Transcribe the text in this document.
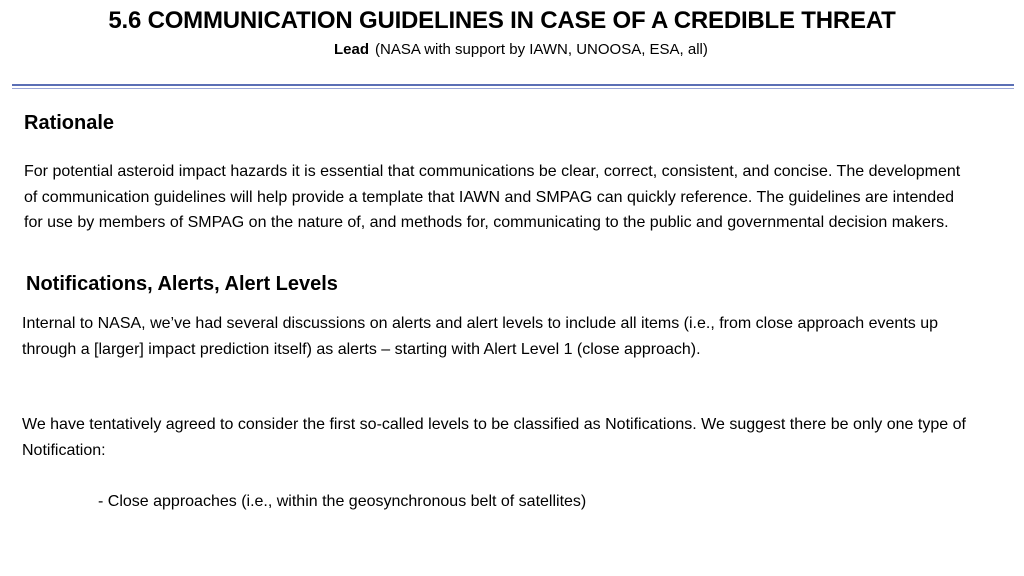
5.6 COMMUNICATION GUIDELINES IN CASE OF A CREDIBLE THREAT
Lead (NASA with support by IAWN, UNOOSA, ESA, all)
Rationale
For potential asteroid impact hazards it is essential that communications be clear, correct, consistent, and concise. The development of communication guidelines will help provide a template that IAWN and SMPAG can quickly reference. The guidelines are intended for use by members of SMPAG on the nature of, and methods for, communicating to the public and governmental decision makers.
Notifications, Alerts, Alert Levels
Internal to NASA, we’ve had several discussions on alerts and alert levels to include all items (i.e., from close approach events up through a [larger] impact prediction itself) as alerts – starting with Alert Level 1 (close approach).
We have tentatively agreed to consider the first so-called levels to be classified as Notifications. We suggest there be only one type of Notification:
- Close approaches (i.e., within the geosynchronous belt of satellites)
